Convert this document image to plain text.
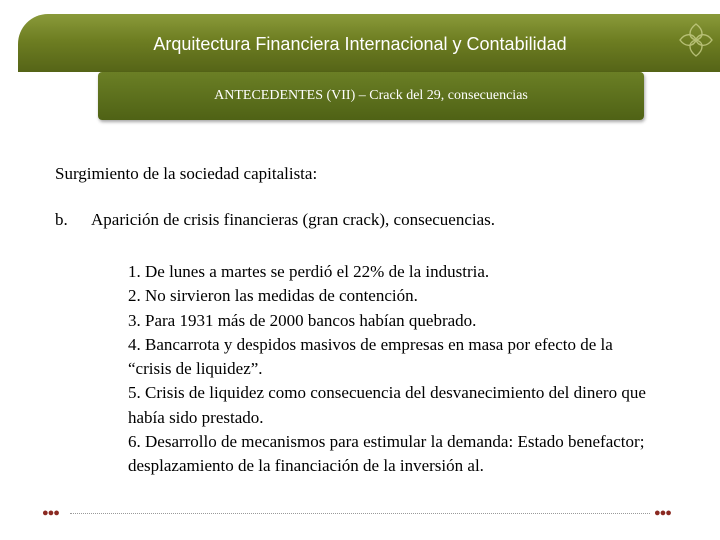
Arquitectura Financiera Internacional y Contabilidad
ANTECEDENTES (VII) – Crack del 29, consecuencias
Surgimiento de la sociedad capitalista:
b. Aparición de crisis financieras (gran crack), consecuencias.
1. De lunes a martes se perdió el 22% de la industria.
2. No sirvieron las medidas de contención.
3. Para 1931 más de 2000 bancos habían quebrado.
4. Bancarrota y despidos masivos de empresas en masa por efecto de la “crisis de liquidez”.
5. Crisis de liquidez como consecuencia del desvanecimiento del dinero que había sido prestado.
6. Desarrollo de mecanismos para estimular la demanda: Estado benefactor; desplazamiento de la financiación de la inversión al.
●●●	●●●
